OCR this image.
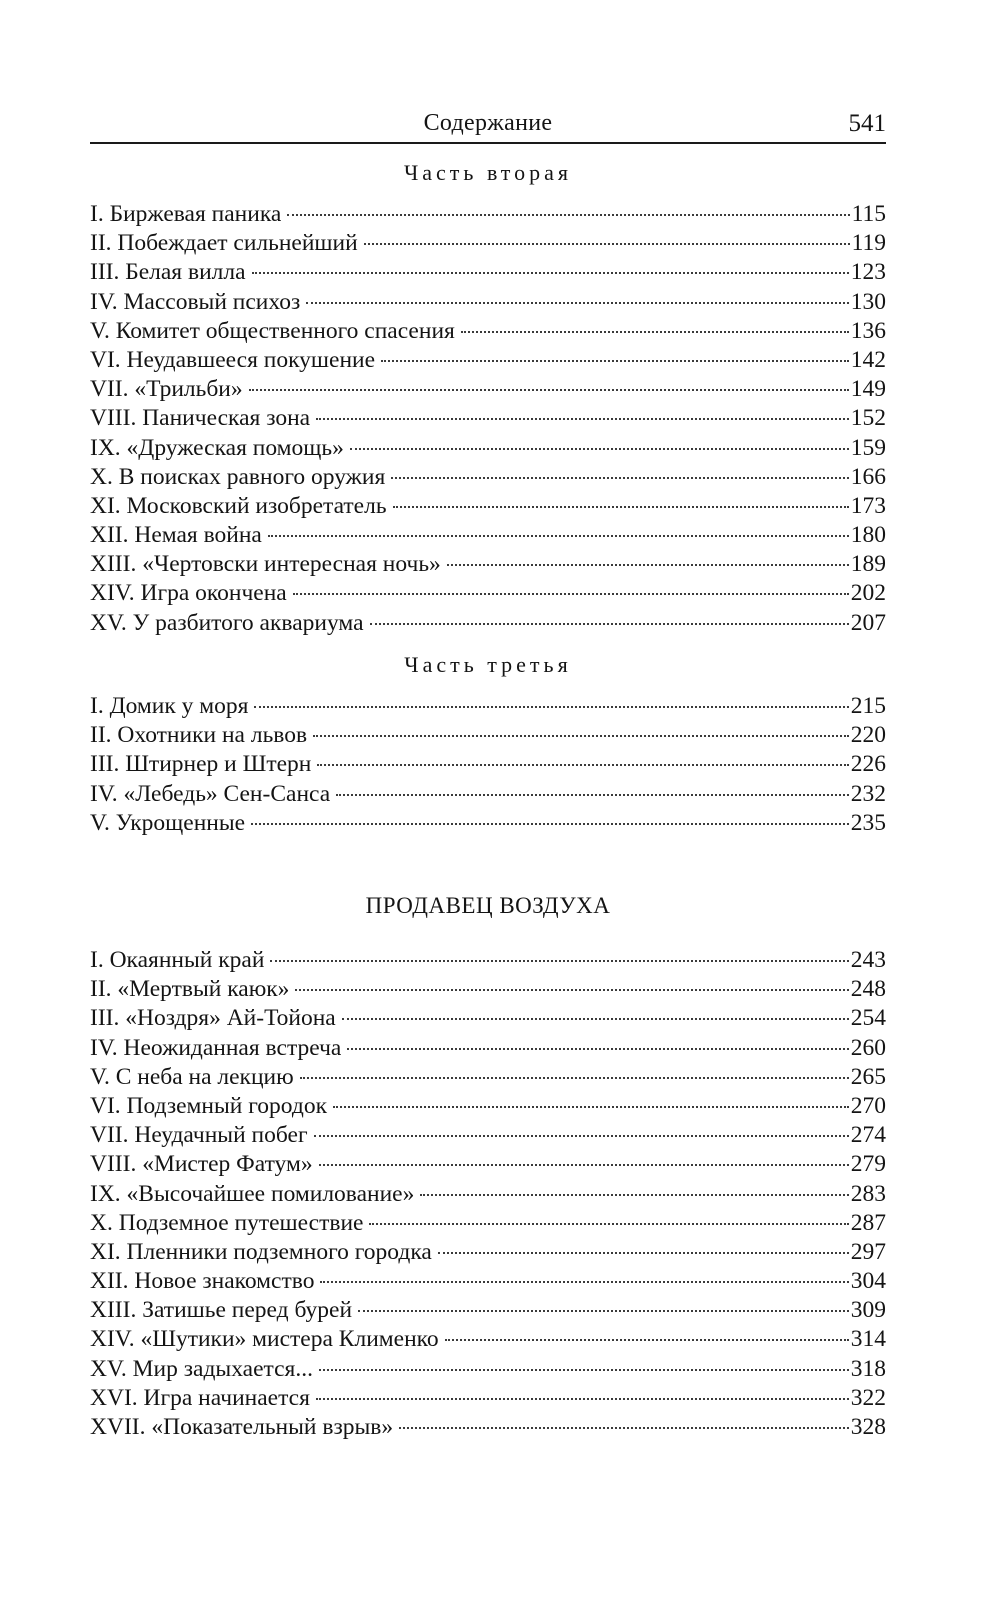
Содержание	541
Часть вторая
I. Биржевая паника	115
II. Побеждает сильнейший	119
III. Белая вилла	123
IV. Массовый психоз	130
V. Комитет общественного спасения	136
VI. Неудавшееся покушение	142
VII. «Трильби»	149
VIII. Паническая зона	152
IX. «Дружеская помощь»	159
X. В поисках равного оружия	166
XI. Московский изобретатель	173
XII. Немая война	180
XIII. «Чертовски интересная ночь»	189
XIV. Игра окончена	202
XV. У разбитого аквариума	207
Часть третья
I. Домик у моря	215
II. Охотники на львов	220
III. Штирнер и Штерн	226
IV. «Лебедь» Сен-Санса	232
V. Укрощенные	235
ПРОДАВЕЦ ВОЗДУХА
I. Окаянный край	243
II. «Мертвый каюк»	248
III. «Ноздря» Ай-Тойона	254
IV. Неожиданная встреча	260
V. С неба на лекцию	265
VI. Подземный городок	270
VII. Неудачный побег	274
VIII. «Мистер Фатум»	279
IX. «Высочайшее помилование»	283
X. Подземное путешествие	287
XI. Пленники подземного городка	297
XII. Новое знакомство	304
XIII. Затишье перед бурей	309
XIV. «Шутики» мистера Клименко	314
XV. Мир задыхается...	318
XVI. Игра начинается	322
XVII. «Показательный взрыв»	328
